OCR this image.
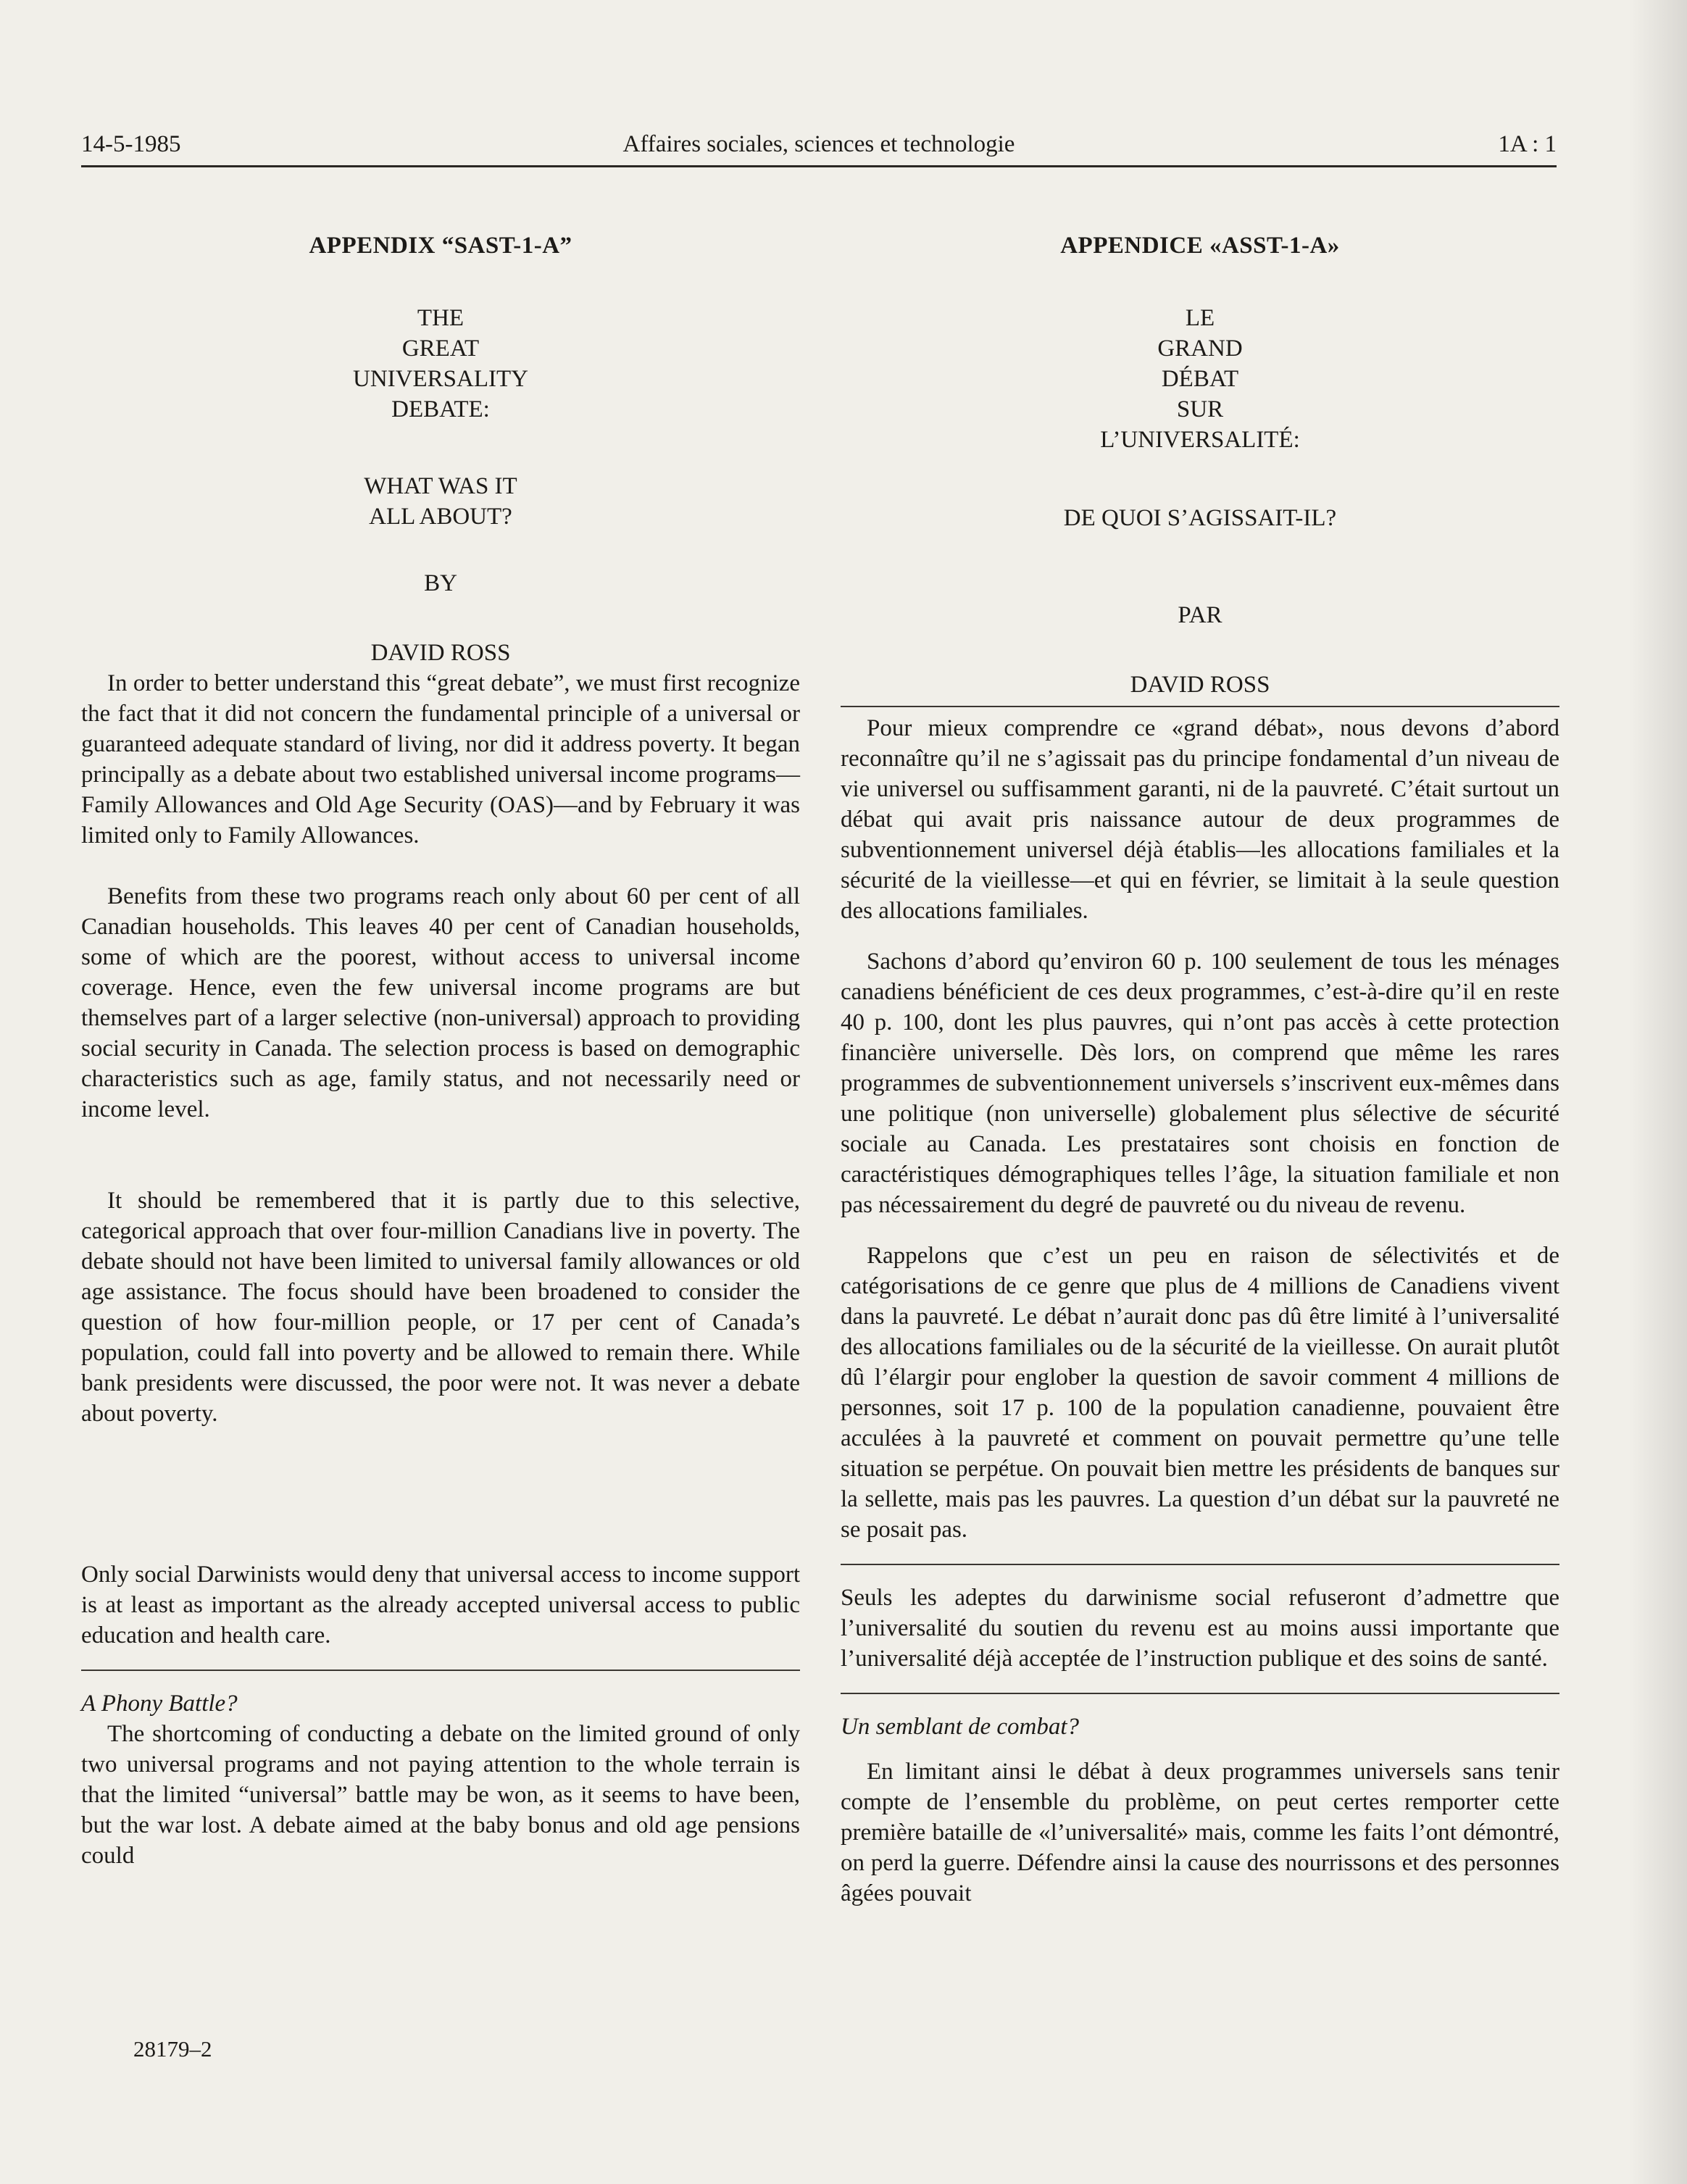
14-5-1985	Affaires sociales, sciences et technologie	1A : 1
APPENDIX “SAST-1-A”
THE
GREAT
UNIVERSALITY
DEBATE:
WHAT WAS IT
ALL ABOUT?
BY
DAVID ROSS

In order to better understand this “great debate”, we must first recognize the fact that it did not concern the fundamental principle of a universal or guaranteed adequate standard of living, nor did it address poverty. It began principally as a debate about two established universal income programs—Family Allowances and Old Age Security (OAS)—and by February it was limited only to Family Allowances.

Benefits from these two programs reach only about 60 per cent of all Canadian households. This leaves 40 per cent of Canadian households, some of which are the poorest, without access to universal income coverage. Hence, even the few universal income programs are but themselves part of a larger selective (non-universal) approach to providing social security in Canada. The selection process is based on demographic characteristics such as age, family status, and not necessarily need or income level.

It should be remembered that it is partly due to this selective, categorical approach that over four-million Canadians live in poverty. The debate should not have been limited to universal family allowances or old age assistance. The focus should have been broadened to consider the question of how four-million people, or 17 per cent of Canada’s population, could fall into poverty and be allowed to remain there. While bank presidents were discussed, the poor were not. It was never a debate about poverty.

Only social Darwinists would deny that universal access to income support is at least as important as the already accepted universal access to public education and health care.

A Phony Battle?

The shortcoming of conducting a debate on the limited ground of only two universal programs and not paying attention to the whole terrain is that the limited “universal” battle may be won, as it seems to have been, but the war lost. A debate aimed at the baby bonus and old age pensions could

APPENDICE «ASST-1-A»
LE
GRAND
DÉBAT
SUR
L’UNIVERSALITÉ:
DE QUOI S’AGISSAIT-IL?
PAR
DAVID ROSS

Pour mieux comprendre ce «grand débat», nous devons d’abord reconnaître qu’il ne s’agissait pas du principe fondamental d’un niveau de vie universel ou suffisamment garanti, ni de la pauvreté. C’était surtout un débat qui avait pris naissance autour de deux programmes de subventionnement universel déjà établis—les allocations familiales et la sécurité de la vieillesse—et qui en février, se limitait à la seule question des allocations familiales.

Sachons d’abord qu’environ 60 p. 100 seulement de tous les ménages canadiens bénéficient de ces deux programmes, c’est-à-dire qu’il en reste 40 p. 100, dont les plus pauvres, qui n’ont pas accès à cette protection financière universelle. Dès lors, on comprend que même les rares programmes de subventionnement universels s’inscrivent eux-mêmes dans une politique (non universelle) globalement plus sélective de sécurité sociale au Canada. Les prestataires sont choisis en fonction de caractéristiques démographiques telles l’âge, la situation familiale et non pas nécessairement du degré de pauvreté ou du niveau de revenu.

Rappelons que c’est un peu en raison de sélectivités et de catégorisations de ce genre que plus de 4 millions de Canadiens vivent dans la pauvreté. Le débat n’aurait donc pas dû être limité à l’universalité des allocations familiales ou de la sécurité de la vieillesse. On aurait plutôt dû l’élargir pour englober la question de savoir comment 4 millions de personnes, soit 17 p. 100 de la population canadienne, pouvaient être acculées à la pauvreté et comment on pouvait permettre qu’une telle situation se perpétue. On pouvait bien mettre les présidents de banques sur la sellette, mais pas les pauvres. La question d’un débat sur la pauvreté ne se posait pas.

Seuls les adeptes du darwinisme social refuseront d’admettre que l’universalité du soutien du revenu est au moins aussi importante que l’universalité déjà acceptée de l’instruction publique et des soins de santé.

Un semblant de combat?

En limitant ainsi le débat à deux programmes universels sans tenir compte de l’ensemble du problème, on peut certes remporter cette première bataille de «l’universalité» mais, comme les faits l’ont démontré, on perd la guerre. Défendre ainsi la cause des nourrissons et des personnes âgées pouvait

28179–2
